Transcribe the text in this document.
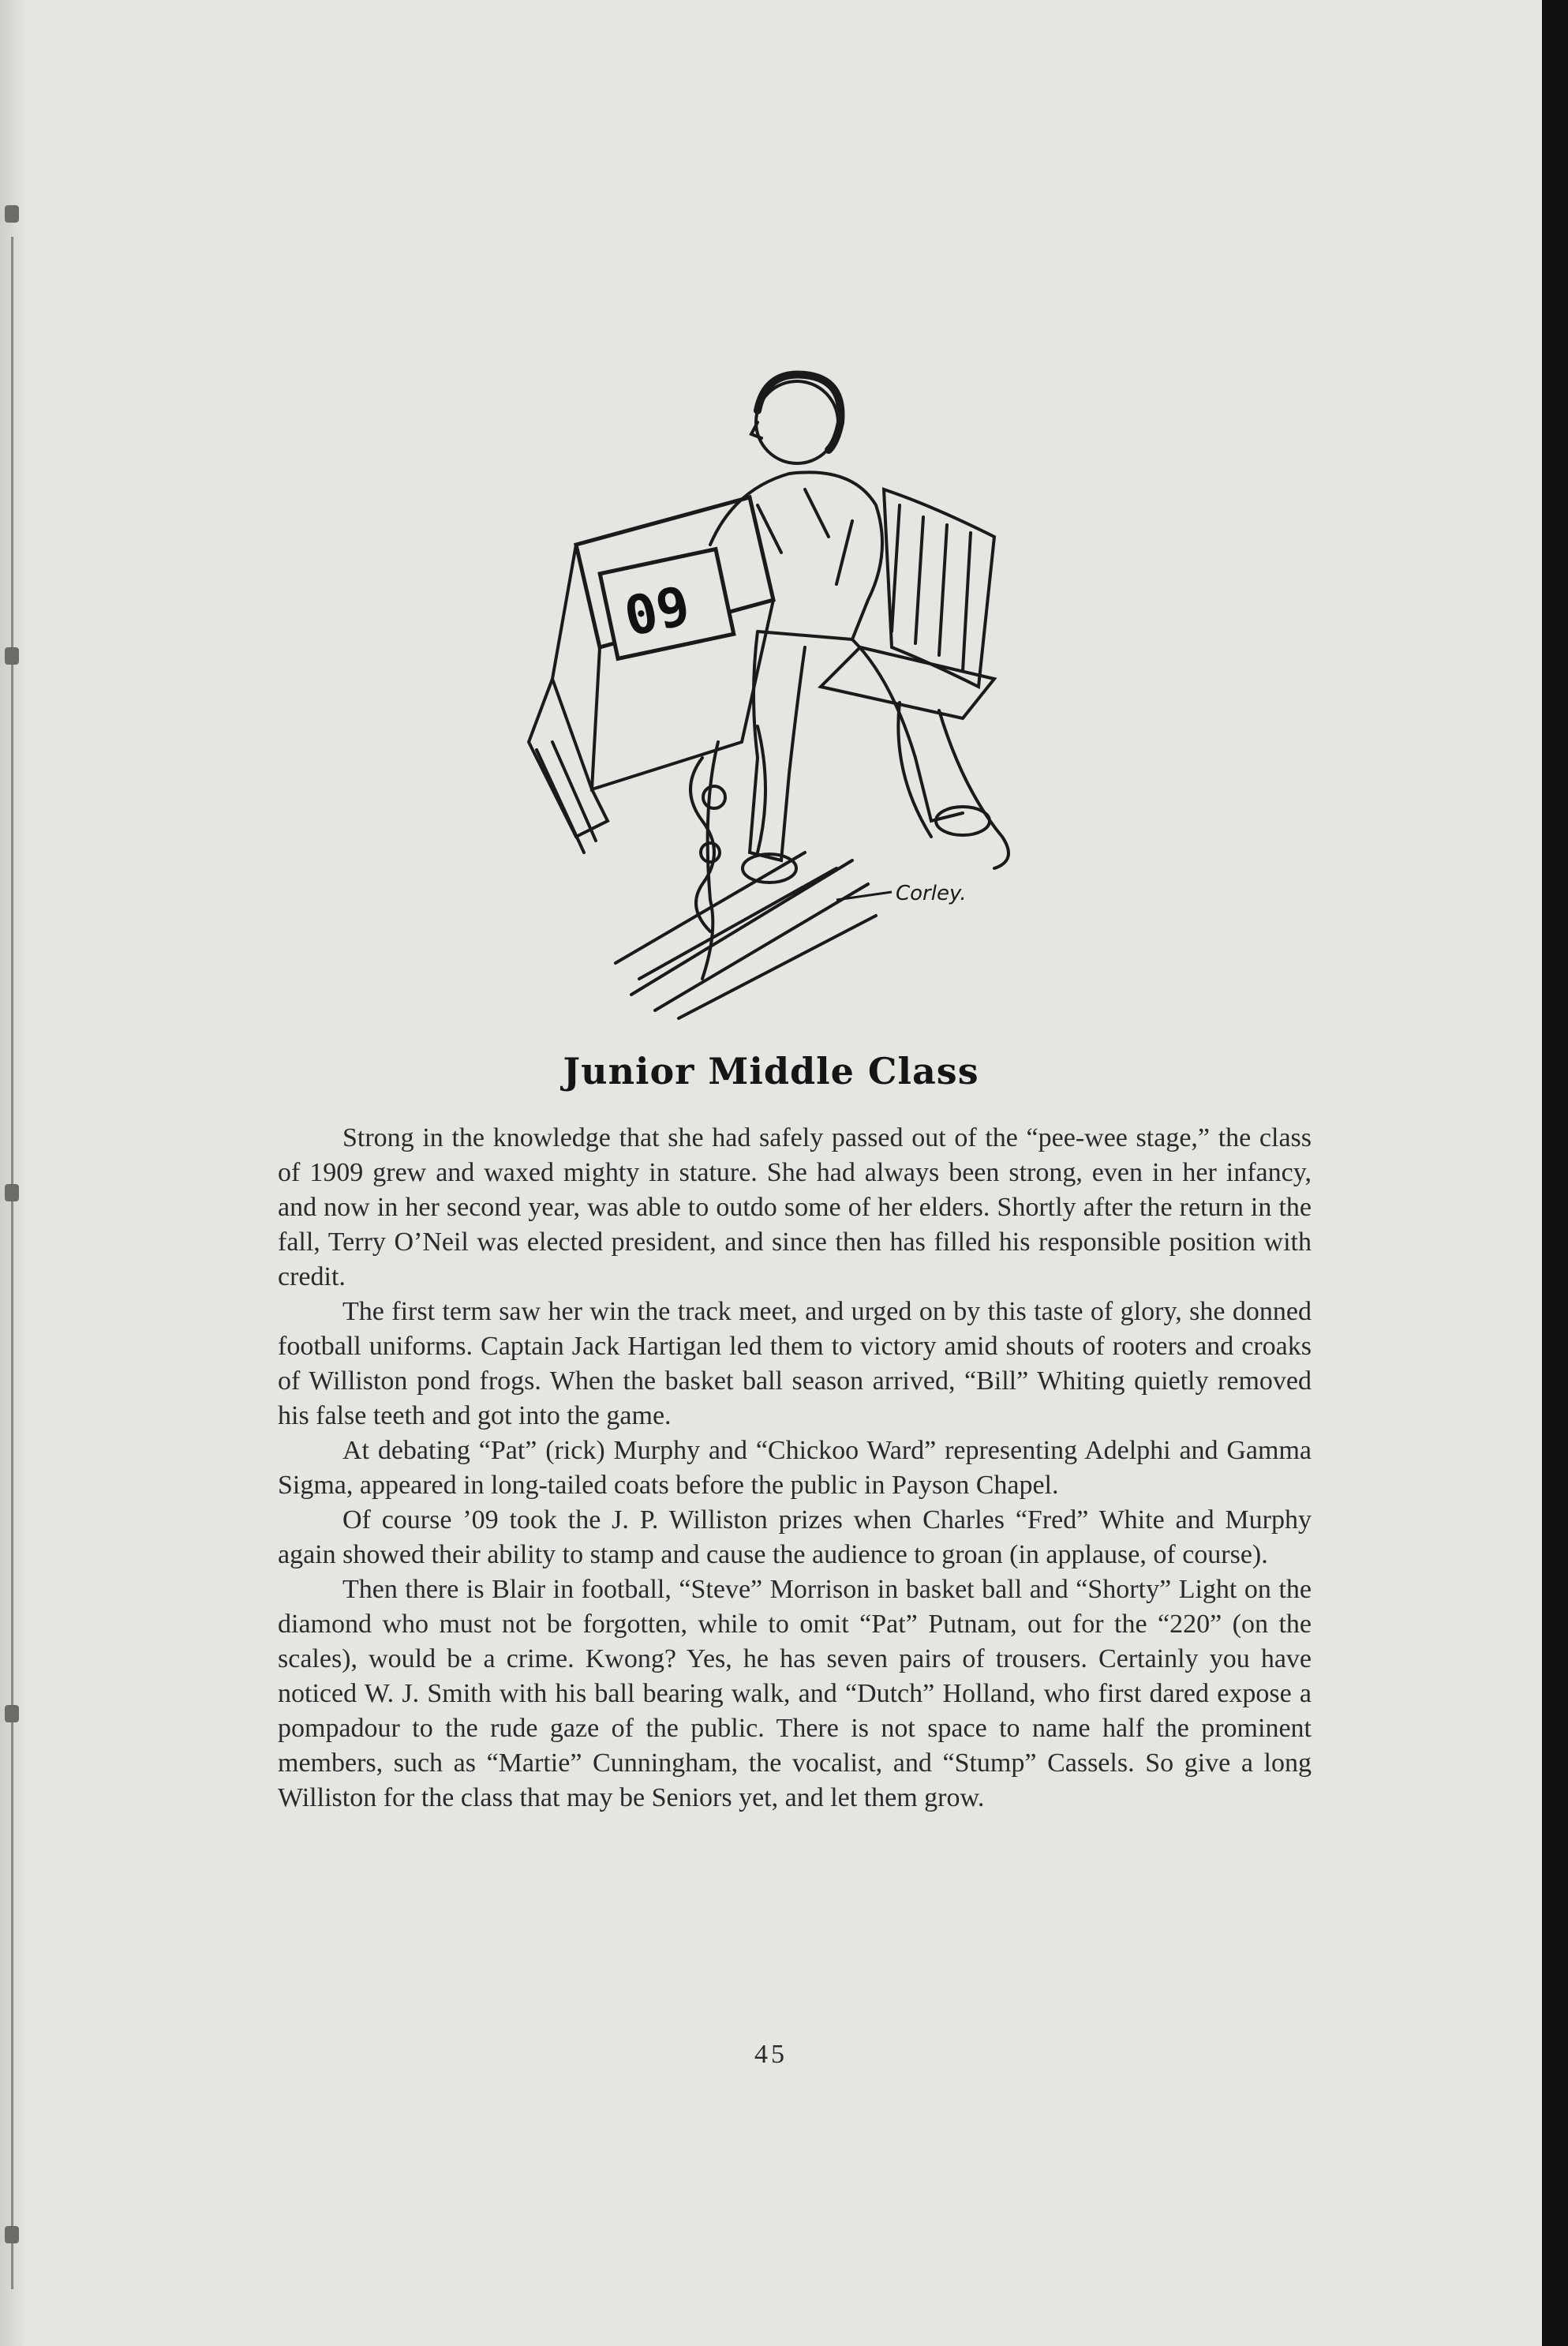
09
Corley.
Junior Middle Class

Strong in the knowledge that she had safely passed out of the “pee-wee stage,” the class of 1909 grew and waxed mighty in stature. She had always been strong, even in her infancy, and now in her second year, was able to outdo some of her elders. Shortly after the return in the fall, Terry O’Neil was elected president, and since then has filled his responsible position with credit.

The first term saw her win the track meet, and urged on by this taste of glory, she donned football uniforms. Captain Jack Hartigan led them to victory amid shouts of rooters and croaks of Williston pond frogs. When the basket ball season arrived, “Bill” Whiting quietly removed his false teeth and got into the game.

At debating “Pat” (rick) Murphy and “Chickoo Ward” representing Adelphi and Gamma Sigma, appeared in long-tailed coats before the public in Payson Chapel.

Of course ’09 took the J. P. Williston prizes when Charles “Fred” White and Murphy again showed their ability to stamp and cause the audience to groan (in applause, of course).

Then there is Blair in football, “Steve” Morrison in basket ball and “Shorty” Light on the diamond who must not be forgotten, while to omit “Pat” Putnam, out for the “220” (on the scales), would be a crime. Kwong? Yes, he has seven pairs of trousers. Certainly you have noticed W. J. Smith with his ball bearing walk, and “Dutch” Holland, who first dared expose a pompadour to the rude gaze of the public. There is not space to name half the prominent members, such as “Martie” Cunningham, the vocalist, and “Stump” Cassels. So give a long Williston for the class that may be Seniors yet, and let them grow.

45
